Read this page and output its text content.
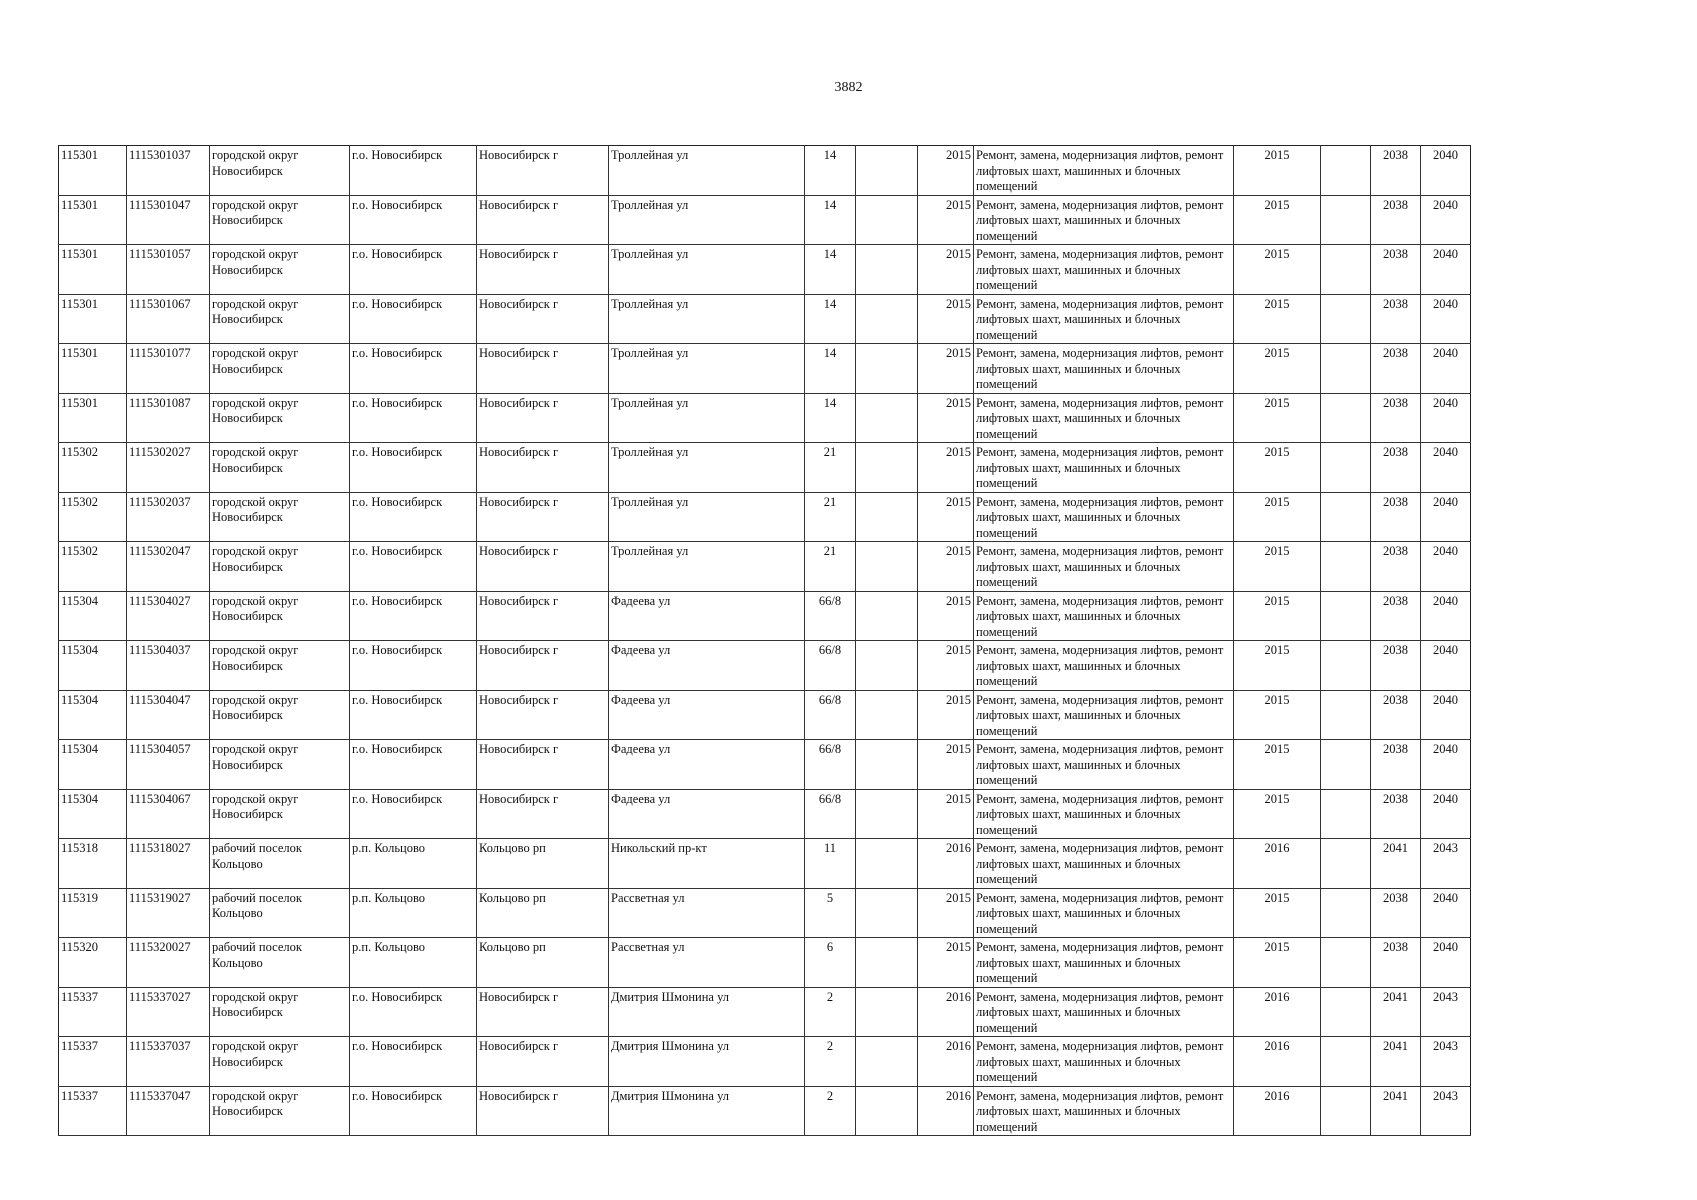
3882
115301	1115301037	городской округ Новосибирск	г.о. Новосибирск	Новосибирск г	Троллейная ул	14		2015	Ремонт, замена, модернизация лифтов, ремонт лифтовых шахт, машинных и блочных помещений	2015		2038	2040
115301	1115301047	городской округ Новосибирск	г.о. Новосибирск	Новосибирск г	Троллейная ул	14		2015	Ремонт, замена, модернизация лифтов, ремонт лифтовых шахт, машинных и блочных помещений	2015		2038	2040
115301	1115301057	городской округ Новосибирск	г.о. Новосибирск	Новосибирск г	Троллейная ул	14		2015	Ремонт, замена, модернизация лифтов, ремонт лифтовых шахт, машинных и блочных помещений	2015		2038	2040
115301	1115301067	городской округ Новосибирск	г.о. Новосибирск	Новосибирск г	Троллейная ул	14		2015	Ремонт, замена, модернизация лифтов, ремонт лифтовых шахт, машинных и блочных помещений	2015		2038	2040
115301	1115301077	городской округ Новосибирск	г.о. Новосибирск	Новосибирск г	Троллейная ул	14		2015	Ремонт, замена, модернизация лифтов, ремонт лифтовых шахт, машинных и блочных помещений	2015		2038	2040
115301	1115301087	городской округ Новосибирск	г.о. Новосибирск	Новосибирск г	Троллейная ул	14		2015	Ремонт, замена, модернизация лифтов, ремонт лифтовых шахт, машинных и блочных помещений	2015		2038	2040
115302	1115302027	городской округ Новосибирск	г.о. Новосибирск	Новосибирск г	Троллейная ул	21		2015	Ремонт, замена, модернизация лифтов, ремонт лифтовых шахт, машинных и блочных помещений	2015		2038	2040
115302	1115302037	городской округ Новосибирск	г.о. Новосибирск	Новосибирск г	Троллейная ул	21		2015	Ремонт, замена, модернизация лифтов, ремонт лифтовых шахт, машинных и блочных помещений	2015		2038	2040
115302	1115302047	городской округ Новосибирск	г.о. Новосибирск	Новосибирск г	Троллейная ул	21		2015	Ремонт, замена, модернизация лифтов, ремонт лифтовых шахт, машинных и блочных помещений	2015		2038	2040
115304	1115304027	городской округ Новосибирск	г.о. Новосибирск	Новосибирск г	Фадеева ул	66/8		2015	Ремонт, замена, модернизация лифтов, ремонт лифтовых шахт, машинных и блочных помещений	2015		2038	2040
115304	1115304037	городской округ Новосибирск	г.о. Новосибирск	Новосибирск г	Фадеева ул	66/8		2015	Ремонт, замена, модернизация лифтов, ремонт лифтовых шахт, машинных и блочных помещений	2015		2038	2040
115304	1115304047	городской округ Новосибирск	г.о. Новосибирск	Новосибирск г	Фадеева ул	66/8		2015	Ремонт, замена, модернизация лифтов, ремонт лифтовых шахт, машинных и блочных помещений	2015		2038	2040
115304	1115304057	городской округ Новосибирск	г.о. Новосибирск	Новосибирск г	Фадеева ул	66/8		2015	Ремонт, замена, модернизация лифтов, ремонт лифтовых шахт, машинных и блочных помещений	2015		2038	2040
115304	1115304067	городской округ Новосибирск	г.о. Новосибирск	Новосибирск г	Фадеева ул	66/8		2015	Ремонт, замена, модернизация лифтов, ремонт лифтовых шахт, машинных и блочных помещений	2015		2038	2040
115318	1115318027	рабочий поселок Кольцово	р.п. Кольцово	Кольцово рп	Никольский пр-кт	11		2016	Ремонт, замена, модернизация лифтов, ремонт лифтовых шахт, машинных и блочных помещений	2016		2041	2043
115319	1115319027	рабочий поселок Кольцово	р.п. Кольцово	Кольцово рп	Рассветная ул	5		2015	Ремонт, замена, модернизация лифтов, ремонт лифтовых шахт, машинных и блочных помещений	2015		2038	2040
115320	1115320027	рабочий поселок Кольцово	р.п. Кольцово	Кольцово рп	Рассветная ул	6		2015	Ремонт, замена, модернизация лифтов, ремонт лифтовых шахт, машинных и блочных помещений	2015		2038	2040
115337	1115337027	городской округ Новосибирск	г.о. Новосибирск	Новосибирск г	Дмитрия Шмонина ул	2		2016	Ремонт, замена, модернизация лифтов, ремонт лифтовых шахт, машинных и блочных помещений	2016		2041	2043
115337	1115337037	городской округ Новосибирск	г.о. Новосибирск	Новосибирск г	Дмитрия Шмонина ул	2		2016	Ремонт, замена, модернизация лифтов, ремонт лифтовых шахт, машинных и блочных помещений	2016		2041	2043
115337	1115337047	городской округ Новосибирск	г.о. Новосибирск	Новосибирск г	Дмитрия Шмонина ул	2		2016	Ремонт, замена, модернизация лифтов, ремонт лифтовых шахт, машинных и блочных помещений	2016		2041	2043
